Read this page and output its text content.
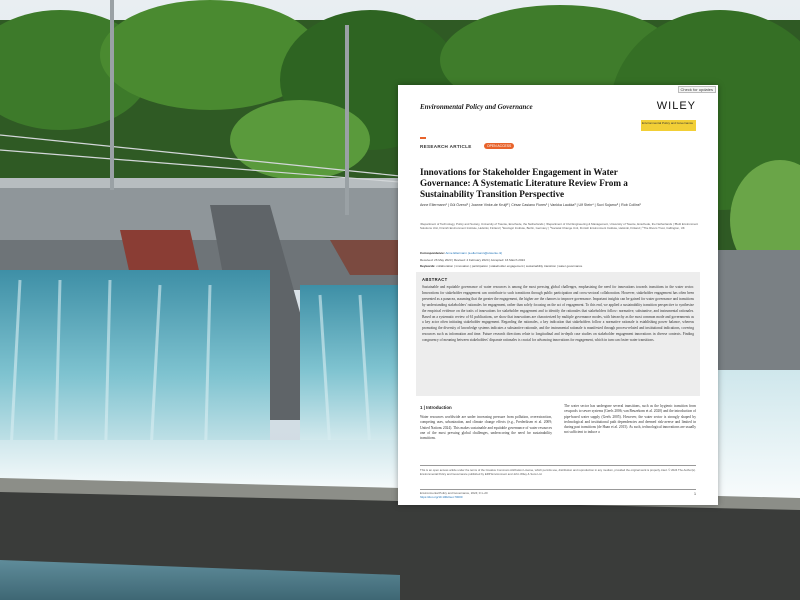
Check for updates
Environmental Policy and Governance	WILEY
Environmental Policy and Governance
RESEARCH ARTICLE	OPEN ACCESS
Innovations for Stakeholder Engagement in Water Governance: A Systematic Literature Review From a Sustainability Transition Perspective
Anne Ellermann¹ | Gül Özerol¹ | Joanne Vinke-de Kruijf² | César Casiano Flores¹ | Vankka Laukka³ | Ulf Stein⁴ | Suvi Sojamo⁵ | Rob Collins⁶
¹Department of Technology, Policy and Society, University of Twente, Enschede, the Netherlands | ²Department of Civil Engineering & Management, University of Twente, Enschede, the Netherlands | ³Built Environment Solutions Unit, Finnish Environment Institute, Helsinki, Finland | ⁴Ecologic Institute, Berlin, Germany | ⁵Societal Change Unit, Finnish Environment Institute, Helsinki, Finland | ⁶The Rivers Trust, Callington, UK
Correspondence: Anne Ellermann (a.ellermann@utwente.nl)
Received: 26 May 2023 | Revised: 4 February 2024 | Accepted: 16 March 2024
Keywords: collaboration | innovation | participation | stakeholder engagement | sustainability transition | water governance
ABSTRACT
Sustainable and equitable governance of water resources is among the most pressing global challenges, emphasizing the need for innovations towards transitions in the water sector. Innovations for stakeholder engagement can contribute to such transitions through public participation and cross-sectoral collaboration. However, stakeholder engagement has often been presented as a panacea, assuming that the greater the engagement, the higher are the chances to improve governance. Important insights can be gained for water governance and transitions by understanding stakeholders' rationales for engagement, rather than solely focusing on the act of engagement. To this end, we applied a sustainability transition perspective to synthesize the empirical evidence on the traits of innovations for stakeholder engagement and to identify the rationales that stakeholders follow: normative, substantive, and instrumental rationales. Based on a systematic review of 61 publications, we show that innovations are characterized by multiple governance modes, with hierarchy as the most common mode and governments as a key actor often initiating stakeholder engagement. Regarding the rationales, a key indication that stakeholders follow a normative rationale is establishing power balance, whereas promoting the diversity of knowledge systems indicates a substantive rationale, and the instrumental rationale is manifested through process-related and institutional indications, covering resources such as information and time. Future research directions relate to longitudinal and in-depth case studies on stakeholder engagement innovations in diverse contexts. Finding congruency of meaning between stakeholders' disparate rationales is crucial for advancing innovations for engagement, which in turn can foster water transitions.
1 | Introduction
Water resources worldwide are under increasing pressure from pollution, overextraction, competing uses, urbanization, and climate change effects (e.g., Frederiksen et al. 2009; United Nations 2024). This makes sustainable and equitable governance of water resources one of the most pressing global challenges, underscoring the need for sustainability transitions.
The water sector has undergone several transitions, such as the hygienic transition from cesspools to sewer systems (Geels 2006; van Beuzekom et al. 2020) and the introduction of pipe-based water supply (Geels 2005). However, the water sector is strongly shaped by technological and institutional path dependencies and deemed risk-averse and limited in during past transitions (de Haan et al. 2015). As such, technological innovations are usually not sufficient to induce a
This is an open access article under the terms of the Creative Commons Attribution License, which permits use, distribution and reproduction in any medium, provided the original work is properly cited. © 2024 The Author(s). Environmental Policy and Governance published by ERP Environment and John Wiley & Sons Ltd.
Environmental Policy and Governance, 2024; 0:1–20
https://doi.org/10.1002/eet.70000
1
